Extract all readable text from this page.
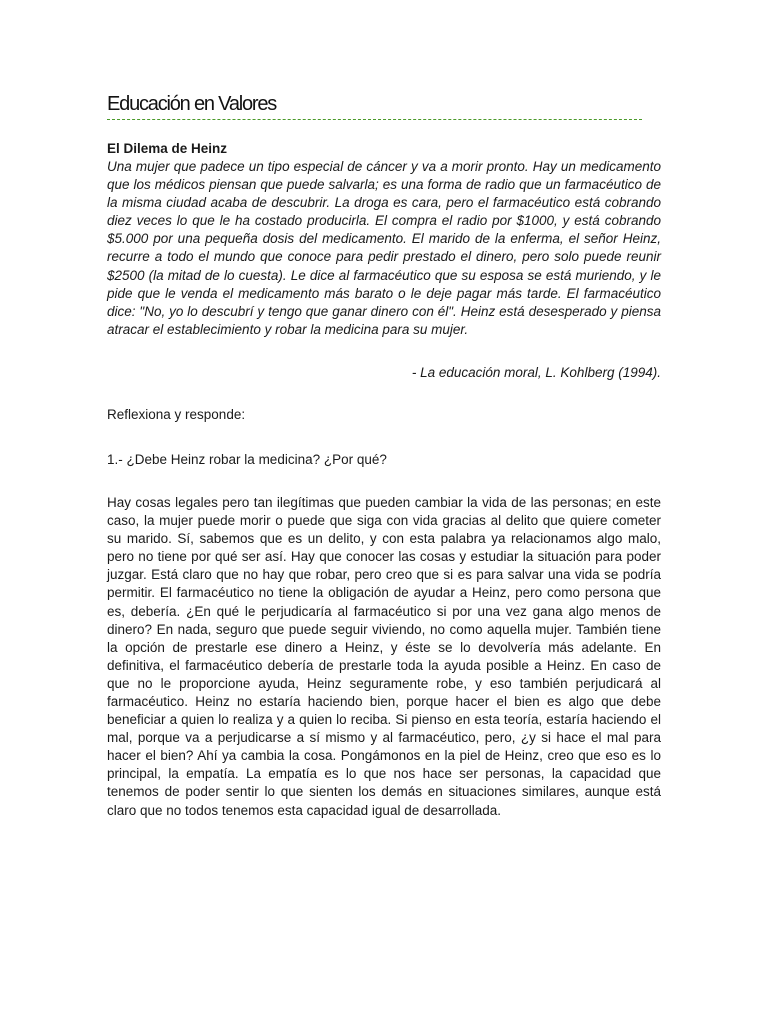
Educación en Valores

El Dilema de Heinz

Una mujer que padece un tipo especial de cáncer y va a morir pronto. Hay un medicamento que los médicos piensan que puede salvarla; es una forma de radio que un farmacéutico de la misma ciudad acaba de descubrir. La droga es cara, pero el farmacéutico está cobrando diez veces lo que le ha costado producirla. El compra el radio por $1000, y está cobrando $5.000 por una pequeña dosis del medicamento. El marido de la enferma, el señor Heinz, recurre a todo el mundo que conoce para pedir prestado el dinero, pero solo puede reunir $2500 (la mitad de lo cuesta). Le dice al farmacéutico que su esposa se está muriendo, y le pide que le venda el medicamento más barato o le deje pagar más tarde. El farmacéutico dice: "No, yo lo descubrí y tengo que ganar dinero con él". Heinz está desesperado y piensa atracar el establecimiento y robar la medicina para su mujer.

- La educación moral, L. Kohlberg (1994).

Reflexiona y responde:

1.- ¿Debe Heinz robar la medicina? ¿Por qué?

Hay cosas legales pero tan ilegítimas que pueden cambiar la vida de las personas; en este caso, la mujer puede morir o puede que siga con vida gracias al delito que quiere cometer su marido. Sí, sabemos que es un delito, y con esta palabra ya relacionamos algo malo, pero no tiene por qué ser así. Hay que conocer las cosas y estudiar la situación para poder juzgar. Está claro que no hay que robar, pero creo que si es para salvar una vida se podría permitir. El farmacéutico no tiene la obligación de ayudar a Heinz, pero como persona que es, debería. ¿En qué le perjudicaría al farmacéutico si por una vez gana algo menos de dinero? En nada, seguro que puede seguir viviendo, no como aquella mujer. También tiene la opción de prestarle ese dinero a Heinz, y éste se lo devolvería más adelante. En definitiva, el farmacéutico debería de prestarle toda la ayuda posible a Heinz. En caso de que no le proporcione ayuda, Heinz seguramente robe, y eso también perjudicará al farmacéutico. Heinz no estaría haciendo bien, porque hacer el bien es algo que debe beneficiar a quien lo realiza y a quien lo reciba. Si pienso en esta teoría, estaría haciendo el mal, porque va a perjudicarse a sí mismo y al farmacéutico, pero, ¿y si hace el mal para hacer el bien? Ahí ya cambia la cosa. Pongámonos en la piel de Heinz, creo que eso es lo principal, la empatía. La empatía es lo que nos hace ser personas, la capacidad que tenemos de poder sentir lo que sienten los demás en situaciones similares, aunque está claro que no todos tenemos esta capacidad igual de desarrollada.
